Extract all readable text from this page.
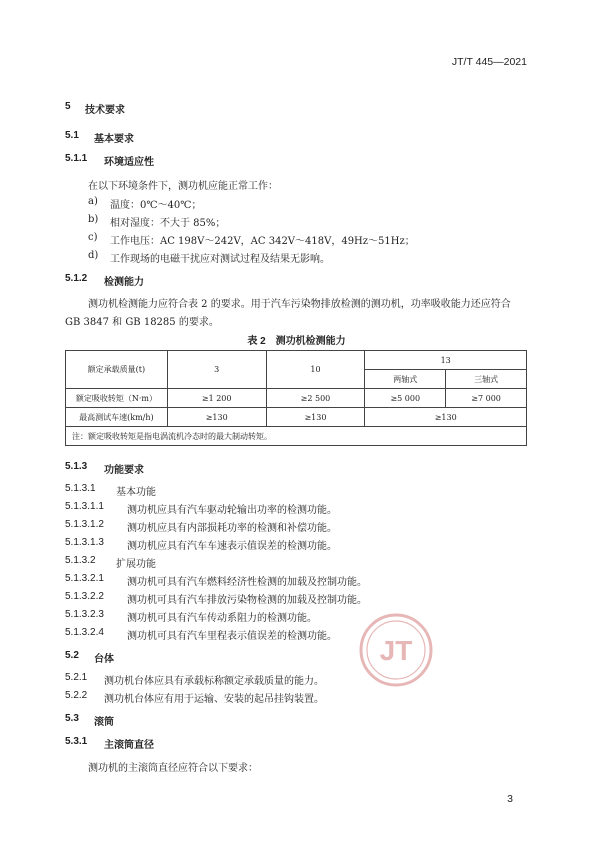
JT/T 445—2021
5 技术要求
5.1 基本要求
5.1.1 环境适应性
在以下环境条件下，测功机应能正常工作：
a) 温度：0℃～40℃；
b) 相对湿度：不大于 85%；
c) 工作电压：AC 198V～242V，AC 342V～418V，49Hz～51Hz；
d) 工作现场的电磁干扰应对测试过程及结果无影响。
5.1.2 检测能力
测功机检测能力应符合表 2 的要求。用于汽车污染物排放检测的测功机，功率吸收能力还应符合
GB 3847 和 GB 18285 的要求。
表 2　测功机检测能力
额定承载质量(t)	3	10	13	
			两轴式	三轴式
额定吸收转矩（N·m）	≥1 200	≥2 500	≥5 000	≥7 000
最高测试车速(km/h)	≥130	≥130	≥130	
注：额定吸收转矩是指电涡流机冷态时的最大制动转矩。				
5.1.3 功能要求
5.1.3.1 基本功能
5.1.3.1.1 测功机应具有汽车驱动轮输出功率的检测功能。
5.1.3.1.2 测功机应具有内部损耗功率的检测和补偿功能。
5.1.3.1.3 测功机应具有汽车车速表示值误差的检测功能。
5.1.3.2 扩展功能
5.1.3.2.1 测功机可具有汽车燃料经济性检测的加载及控制功能。
5.1.3.2.2 测功机可具有汽车排放污染物检测的加载及控制功能。
5.1.3.2.3 测功机可具有汽车传动系阻力的检测功能。
5.1.3.2.4 测功机可具有汽车里程表示值误差的检测功能。
5.2 台体
5.2.1 测功机台体应具有承载标称额定承载质量的能力。
5.2.2 测功机台体应有用于运输、安装的起吊挂钩装置。
5.3 滚筒
5.3.1 主滚筒直径
测功机的主滚筒直径应符合以下要求：
JT
3
